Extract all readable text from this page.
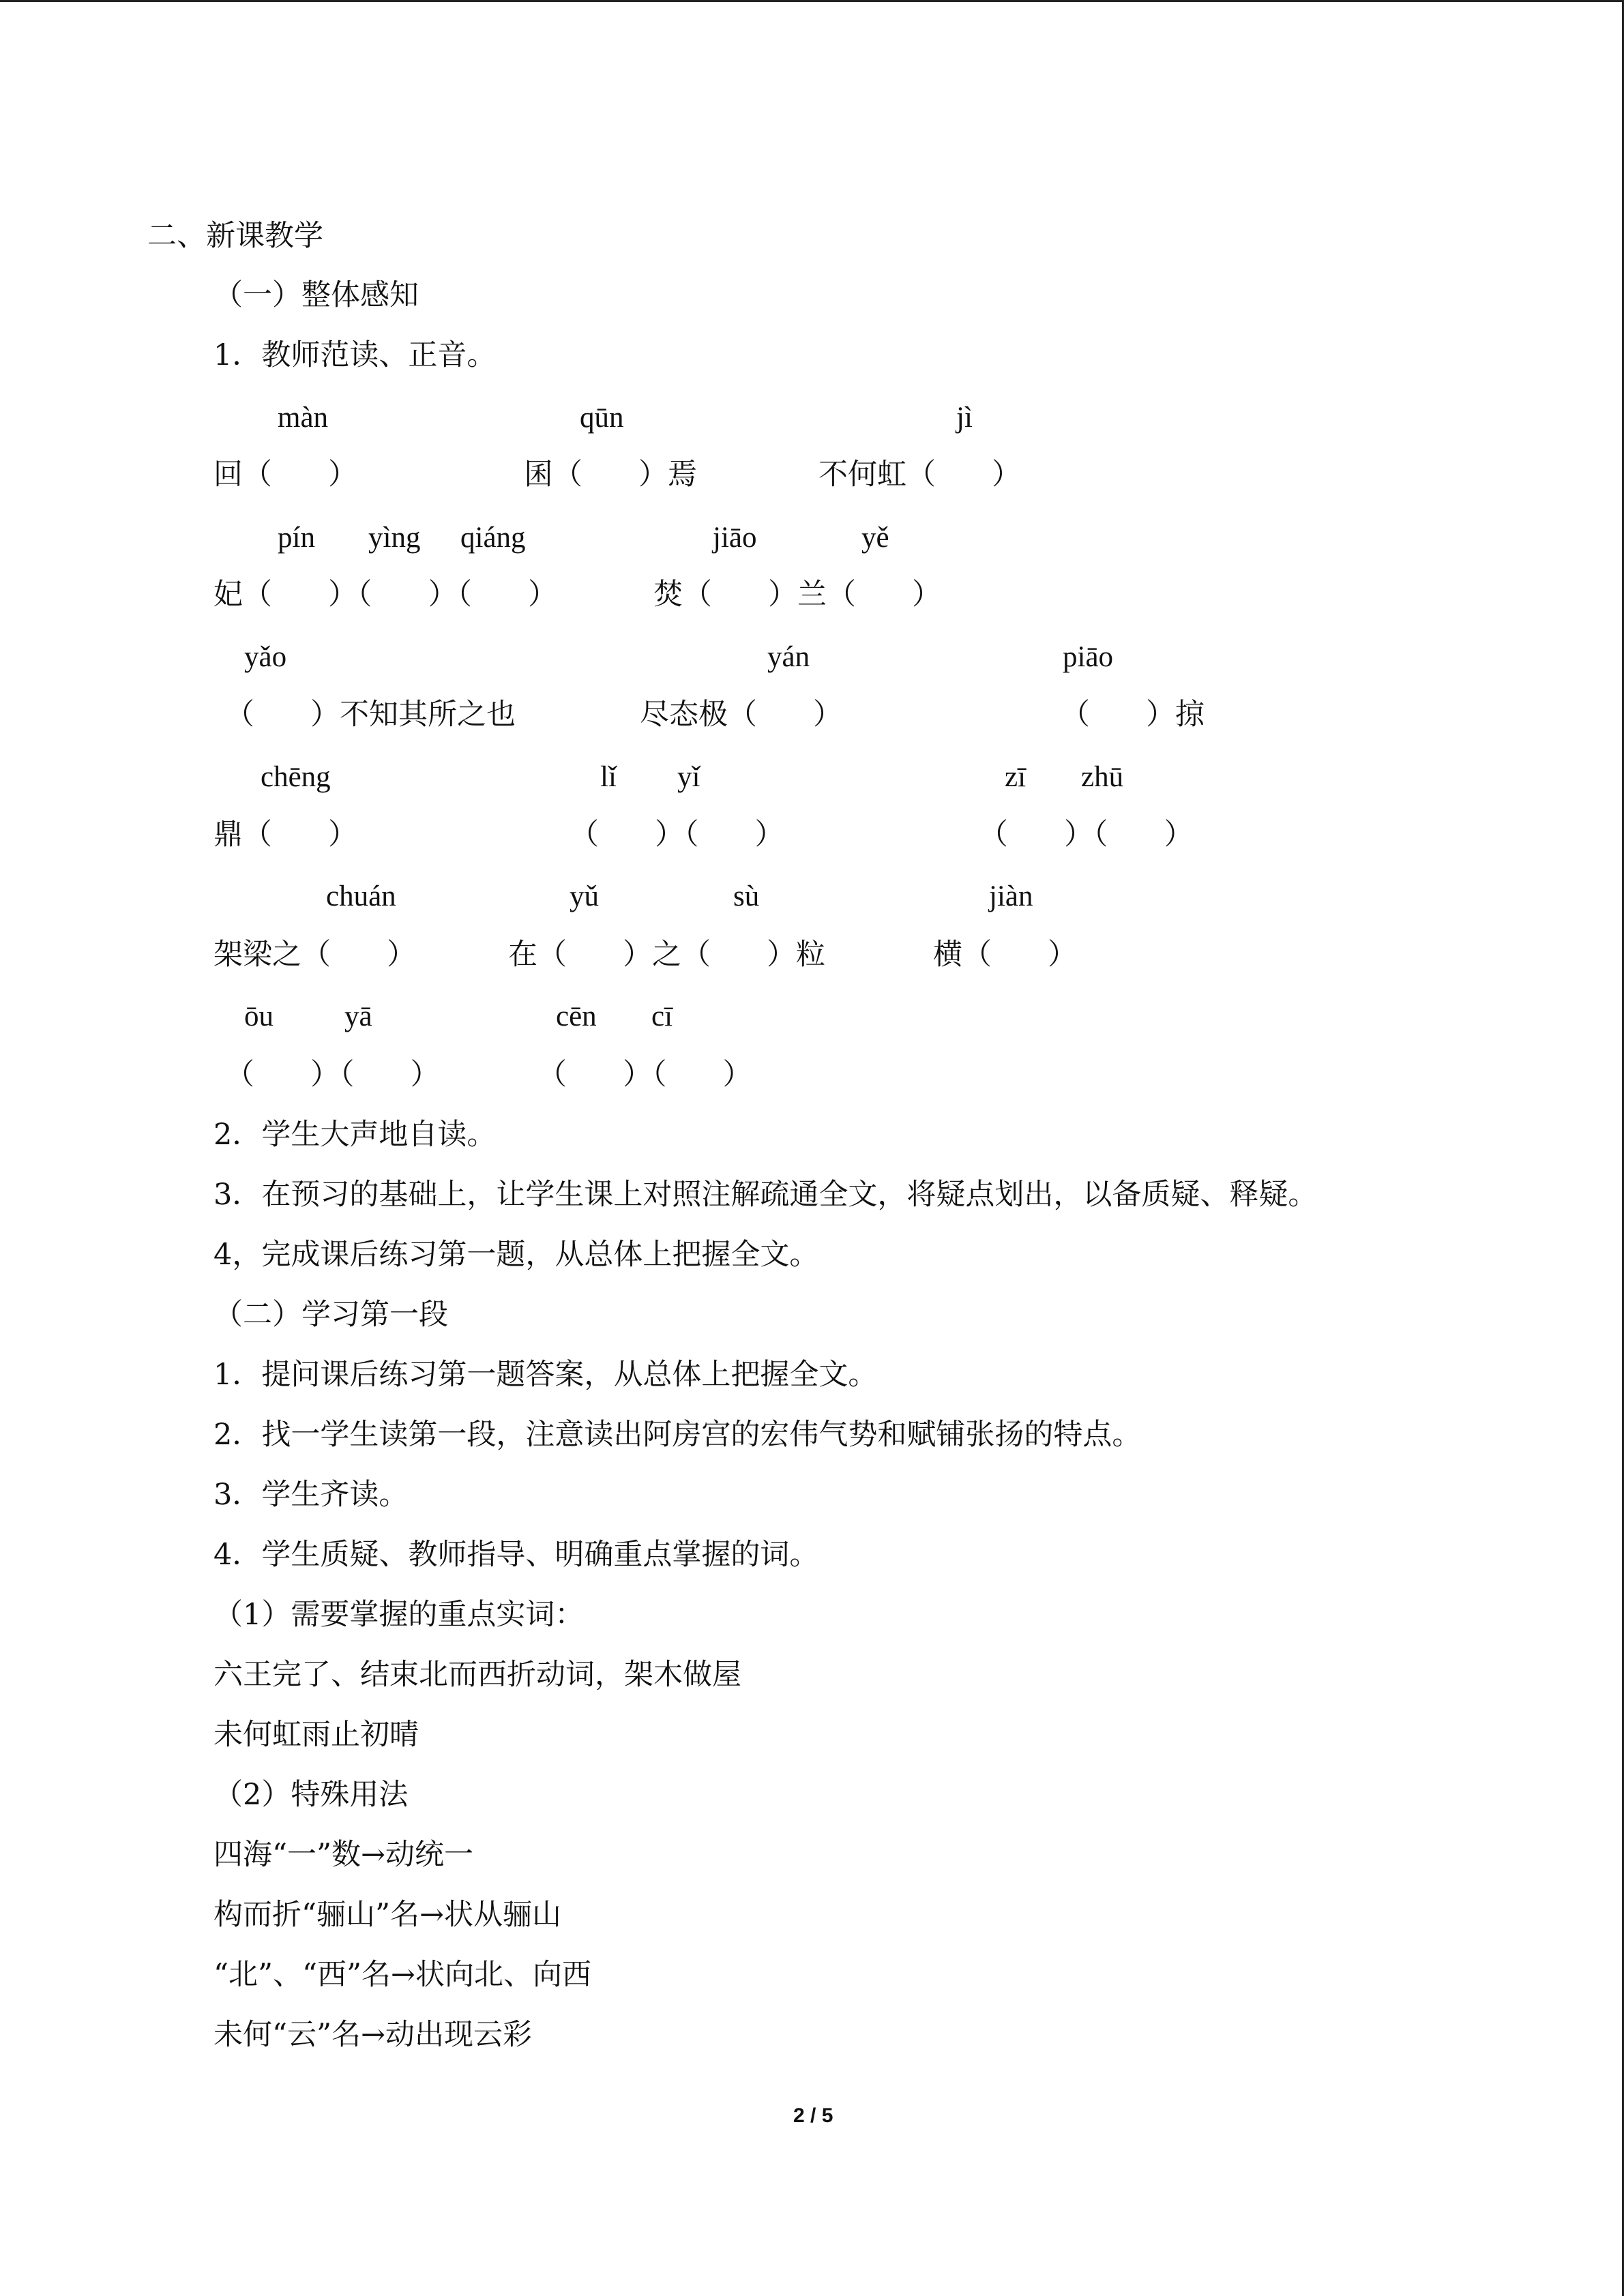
二、新课教学
（一）整体感知
1．教师范读、正音。
màn	qūn	jì
回（      ）	囷（      ）焉	不何虹（      ）
pín yìng qiáng	jiāo	yě
妃（      ）（      ）（      ）	焚（      ）兰（      ）
yǎo	yán	piāo
（      ）不知其所之也	尽态极（      ）	（      ）掠
chēng	lǐ yǐ	zī zhū
鼎（      ）	（      ）（      ）	（      ）（      ）
chuán	yǔ	sù	jiàn
架梁之（      ）	在（      ）之（      ）粒	横（      ）
ōu yā	cēn cī
（      ）（      ）	（      ）（      ）
2．学生大声地自读。
3．在预习的基础上，让学生课上对照注解疏通全文，将疑点划出，以备质疑、释疑。
4，完成课后练习第一题，从总体上把握全文。
（二）学习第一段
1．提问课后练习第一题答案，从总体上把握全文。
2．找一学生读第一段，注意读出阿房宫的宏伟气势和赋铺张扬的特点。
3．学生齐读。
4．学生质疑、教师指导、明确重点掌握的词。
（1）需要掌握的重点实词：
六王完了、结束北而西折动词，架木做屋
未何虹雨止初晴
（2）特殊用法
四海“一”数→动统一
构而折“骊山”名→状从骊山
“北”、“西”名→状向北、向西
未何“云”名→动出现云彩
2 / 5
